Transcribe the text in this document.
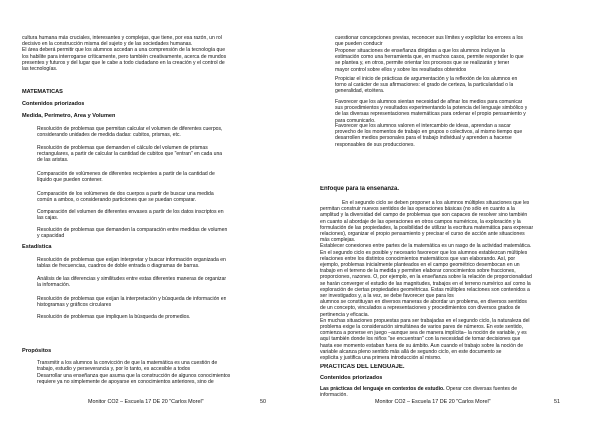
cultura humana más cruciales, interesantes y complejas, que tiene, por esa razón, un rol
decisivo en la construcción misma del sujeto y de las sociedades humanas.
El área deberá permitir que los alumnos accedan a una comprensión de la tecnología que
los habilite para interrogarse críticamente, pero también creativamente, acerca de mundos
presentes y futuros y del lugar que le cabe a todo ciudadano en la creación y el control de
las tecnologías.
MATEMÁTICAS
Contenidos priorizados
Medida, Perímetro, Área y Volumen
Resolución de problemas que permitan calcular el volumen de diferentes cuerpos,
considerando unidades de medida dadas: cubitos, prismas, etc.
Resolución de problemas que demanden el cálculo del volumen de prismas
rectangulares, a partir de calcular la cantidad de cubitos que "entran" en cada una
de las aristas.
Comparación de volúmenes de diferentes recipientes a partir de la cantidad de
líquido que pueden contener.
Comparación de los volúmenes de dos cuerpos a partir de buscar una medida
común a ambos, o considerando particiones que se puedan comparar.
Comparación del volumen de diferentes envases a partir de los datos inscriptos en
las cajas.
Resolución de problemas que demanden la comparación entre medidas de volumen
y capacidad
Estadística
Resolución de problemas que exijan interpretar y buscar información organizada en
tablas de frecuencias, cuadros de doble entrada o diagramas de barras.
Análisis de las diferencias y similitudes entre estas diferentes maneras de organizar
la información.
Resolución de problemas que exijan la interpretación y búsqueda de información en
histogramas y gráficos circulares
Resolución de problemas que impliquen la búsqueda de promedios.
Propósitos
• Transmitir a los alumnos la convicción de que la matemática es una cuestión de
trabajo, estudio y perseverancia y, por lo tanto, es accesible a todos
• Desarrollar una enseñanza que asuma que la construcción de algunos conocimientos
requiere ya no simplemente de apoyarse en conocimientos anteriores, sino de
Monitor CO2 – Escuela 17 DE 20 "Carlos Morel"	50
cuestionar concepciones previas, reconocer sus límites y explicitar los errores a los
que pueden conducir
• Proponer situaciones de enseñanza dirigidas a que los alumnos incluyan la
estimación como una herramienta que, en muchos casos, permite responder lo que
se plantea y, en otros, permite orientar los procesos que se realizarán y tener
mayor control sobre ellos y sobre los resultados obtenidos
• Propiciar el inicio de prácticas de argumentación y la reflexión de los alumnos en
torno al carácter de sus afirmaciones: el grado de certeza, la particularidad o la
generalidad, etcétera.
• Favorecer que los alumnos sientan necesidad de afinar los medios para comunicar
sus procedimientos y resultados experimentando la potencia del lenguaje simbólico y
de las diversas representaciones matemáticas para ordenar el propio pensamiento y
para comunicarlo.
• Favorecer que los alumnos valoren el intercambio de ideas, aprendan a sacar
provecho de los momentos de trabajo en grupos o colectivos, al mismo tiempo que
desarrollen medios personales para el trabajo individual y aprenden a hacerse
responsables de sus producciones.
Enfoque para la enseñanza.
En el segundo ciclo se deben proponer a los alumnos múltiples situaciones que les
permitan construir nuevos sentidos de las operaciones básicas (no sólo en cuanto a la
amplitud y la diversidad del campo de problemas que son capaces de resolver sino también
en cuanto al abordaje de las operaciones en otros campos numéricos, la exploración y la
formulación de las propiedades, la posibilidad de utilizar la escritura matemática para expresar
relaciones), organizar el propio pensamiento y precisar el curso de acción ante situaciones
más complejas.
Establecer conexiones entre partes de la matemática es un rasgo de la actividad matemática.
En el segundo ciclo es posible y necesario favorecer que los alumnos establezcan múltiples
relaciones entre los distintos conocimientos matemáticos que van elaborando. Así, por
ejemplo, problemas inicialmente planteados en el campo geométrico desembocan en un
trabajo en el terreno de la medida y permiten elaborar conocimientos sobre fracciones,
proporciones, razones. O, por ejemplo, en la enseñanza sobre la relación de proporcionalidad
se harán converger el estudio de las magnitudes, trabajos en el terreno numérico así como la
exploración de ciertas propiedades geométricas. Estas múltiples relaciones son contenidos a
ser investigados y, a la vez, se debe favorecer que para los
alumnos se constituyan en diversos maneras de abordar un problema, en diversos sentidos
de un concepto, vinculados a representaciones y procedimientos con diversos grados de
pertinencia y eficacia.
En muchas situaciones propuestas para ser trabajadas en el segundo ciclo, la naturaleza del
problema exige la consideración simultánea de varios pares de números. En este sentido,
comienza a ponerse en juego –aunque sea de manera implícita– la noción de variable, y es
aquí también donde los niños "se encuentran" con la necesidad de tomar decisiones que
hasta ese momento estaban fuera de su ámbito. Aun cuando el trabajo sobre la noción de
variable alcanza pleno sentido más allá de segundo ciclo, en este documento se
explicita y justifica una primera introducción al mismo.
PRÁCTICAS DEL LENGUAJE.
Contenidos priorizados
Las prácticas del lenguaje en contextos de estudio. Operar con diversas fuentes de
información.
Monitor CO2 – Escuela 17 DE 20 "Carlos Morel"	51
